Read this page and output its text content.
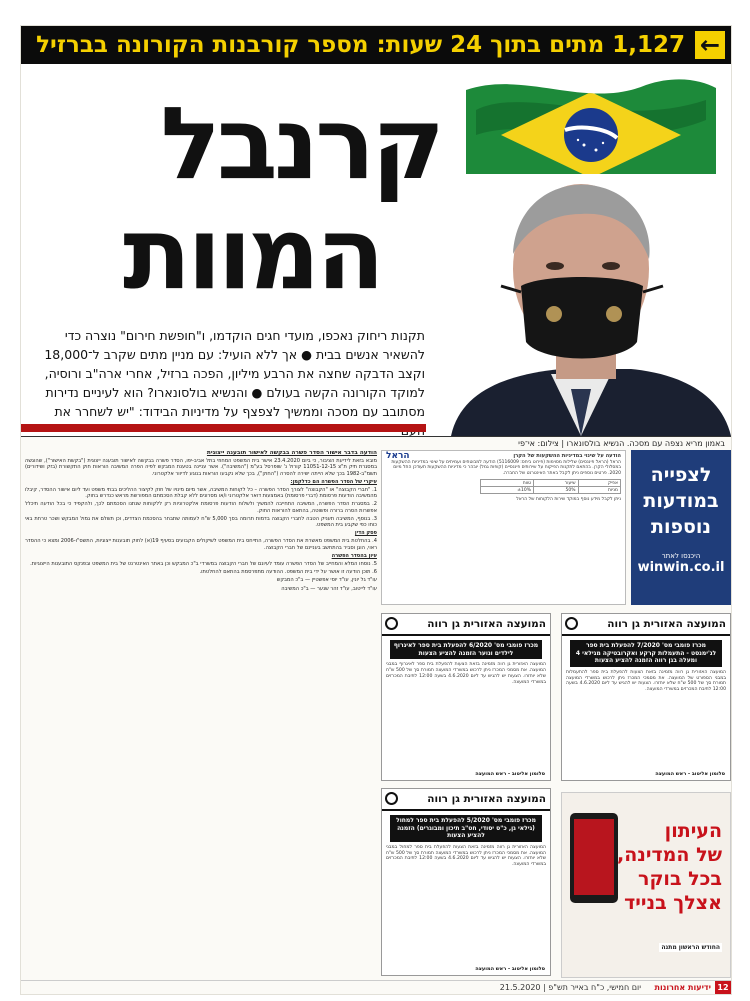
←
1,127 מתים בתוך 24 שעות: מספר קורבנות הקורונה בברזיל
קרנבל
המוות
תקנות ריחוק נאכפו, מועדי חגים הוקדמו, ו"חופשת חירום" נוצרה כדי להשאיר אנשים בבית ● אך ללא הועיל: עם מניין מתים שקרב ל־18,000 וקצב הדבקה שחצה את הרבע מיליון, הפכה ברזיל, אחרי ארה"ב ורוסיה, למוקד הקורונה הקשה בעולם ● והנשיא בולסונארו? הוא לעיניים נדירות מסתובב עם מסכה וממשיך לצפצף על מדיניות הבידוד: "יש לשחרר את
באמון מריא נצפה עם מסכה. הנשיא בולסונארו | צילום: אי־פי

הודעה בדבר אישור הסדר פשרה בבקשה לאישור תובענה ייצוגית

מובא בזאת לידיעת הציבור, כי ביום 23.4.2020 אישר בית המשפט המחוזי בתל אביב-יפו, הסדר פשרה בבקשה לאישור תובענה ייצוגית ("בקשת האישור"), שהוגשה במסגרת תיק ת"צ 11051-12-15 קורול נ' שופרסל בע"מ ("המשיבה"). אשר עניינה בטענת המבקש לפיה הפרה המשיבה הוראות חוק התקשורת (בזק ושידורים) תשמ"ב-1982 בכך שלא הייתה ישירה להסרה ("החוק"), בכך שלא נקבעו הוראות בנוגע לדיוור אלקטרוני.

עיקרי של הסדר הפשרה הם כדלקמן:

1. "חברי הקבוצה" או "הקבוצה" לצורך הסדר הפשרה – כל לקוחות המשיבה, אשר מיום מינויו של חוק לקיצור ההליכים בבתי משפט ועד ליום אישור ההסדר, קיבלו מהמשיבה הודעות פרסומת (דברי פרסומת) באמצעות דואר אלקטרוני ו/או מסרונים ללא קבלת הסכמתם המפורשת מראש כנדרש בחוק.

2. במסגרת הסדר הפשרה, המשיבה התחייבה להמשיך ולשלוח הודעות פרסומת אלקטרוניות רק ללקוחות שנתנו הסכמתם לכך, ולהקפיד כי בכל הודעה תיכלל אפשרות הסרה ברורה ופשוטה, בהתאם להוראות החוק.

3. בנוסף, המשיבה תעניק הטבה לחברי הקבוצה בדמות תרומה בסך 5,000 ש"ח לעמותה שתבחר בהסכמת הצדדים, וכן תשלם את גמול המבקש ושכר טרחת באי כוחו כפי שקבע בית המשפט.

פסק הדין

4. בהחלטת בית המשפט מאשרת את הסדר הפשרה, התייחס בית המשפט לשיקולים הקבועים בסעיף 19(א) לחוק תובענות ייצוגיות, התשס"ו-2006 ומצא כי ההסדר ראוי, הוגן וסביר בהתחשב בעניינם של חברי הקבוצה.

עיון בהסדר הפשרה

5. נוסחו המלא והמחייב של הסדר הפשרה עומד לעיונם של חברי הקבוצה במשרדי ב"כ המבקש וכן באתר האינטרנט של בית המשפט ובפנקס התובענות הייצוגיות.

6. תוכן הודעה זו אושר על ידי בית המשפט. ההודעה מתפרסמת בהתאם להחלטתו.

עו"ד גל יונין, עו"ד יוסי אפשטיין — ב"כ המבקש

עו"ד לייטוב, עו"ד זהר שנער — ב"כ המשיבה

הראל	הודעה על שינוי במדיניות ההשקעות של הקרן
הראל (הראל פיננסים) שלילות מסוימות (פירוט ביחס: 5116009) הודעה למבוטחים ועמיתים על שינוי במדיניות ההשקעות במסלולי הקרן. בהתאם לתקנות הפיקוח על שירותים פיננסיים (קופות גמל) יובהר כי מדיניות ההשקעות תעודכן החל מיום 2020. פרטים נוספים ניתן לקבל באתר האינטרנט של החברה.
אפיק	שיעור	טווח
מניות	50%	±10%
ניתן לקבל מידע נוסף במוקד שירות הלקוחות של הראל
לצפייה
במודעות
נוספות
היכנסו לאתר
winwin.co.il
המועצה האזורית גן רווה
מכרז פומבי מס' 7/2020 להפעלת בית ספר לג'ימנסט - התעמלות קרקע ואקרובטיקה מגילאי 4 ומעלה בגן רווה הזמנה להציע הצעות
המועצה האזורית גן רווה מזמינה בזאת הצעות להפעלת בית ספר להתעמלות במבני הספורט של המועצה. את מסמכי המכרז ניתן לרכוש במשרדי המועצה תמורת סך של 500 ש"ח שלא יוחזרו. הצעות יש להגיש עד ליום 4.6.2020 בשעה 12:00 לתיבת המכרזים במשרדי המועצה.
סלומון אליטוב - ראש המועצה
המועצה האזורית גן רווה
מכרז פומבי מס' 6/2020 להפעלת בית ספר לאיגרוף לילדים ונוער הזמנה להציע הצעות
המועצה האזורית גן רווה מזמינה בזאת הצעות להפעלת בית ספר לאיגרוף במבני המועצה. את מסמכי המכרז ניתן לרכוש במשרדי המועצה תמורת סך של 500 ש"ח שלא יוחזרו. הצעות יש להגיש עד ליום 4.6.2020 בשעה 12:00 לתיבת המכרזים במשרדי המועצה.
סלומון אליטוב - ראש המועצה
המועצה האזורית גן רווה
מכרז פומבי מס' 5/2020 להפעלת בית ספר למחול (גילאי גן, כ"ס יסודי, חט"ב תיכון ומבוגרים) הזמנה להציע הצעות
המועצה האזורית גן רווה מזמינה בזאת הצעות להפעלת בית ספר למחול במבני המועצה. את מסמכי המכרז ניתן לרכוש במשרדי המועצה תמורת סך של 500 ש"ח שלא יוחזרו. הצעות יש להגיש עד ליום 4.6.2020 בשעה 12:00 לתיבת המכרזים במשרדי המועצה.
סלומון אליטוב - ראש המועצה
העיתון
של המדינה,
בכל בוקר
אצלך בנייד
החודש הראשון מתנה
12
ידיעות אחרונות
יום חמישי, כ"ח באייר תש"פ | 21.5.2020
